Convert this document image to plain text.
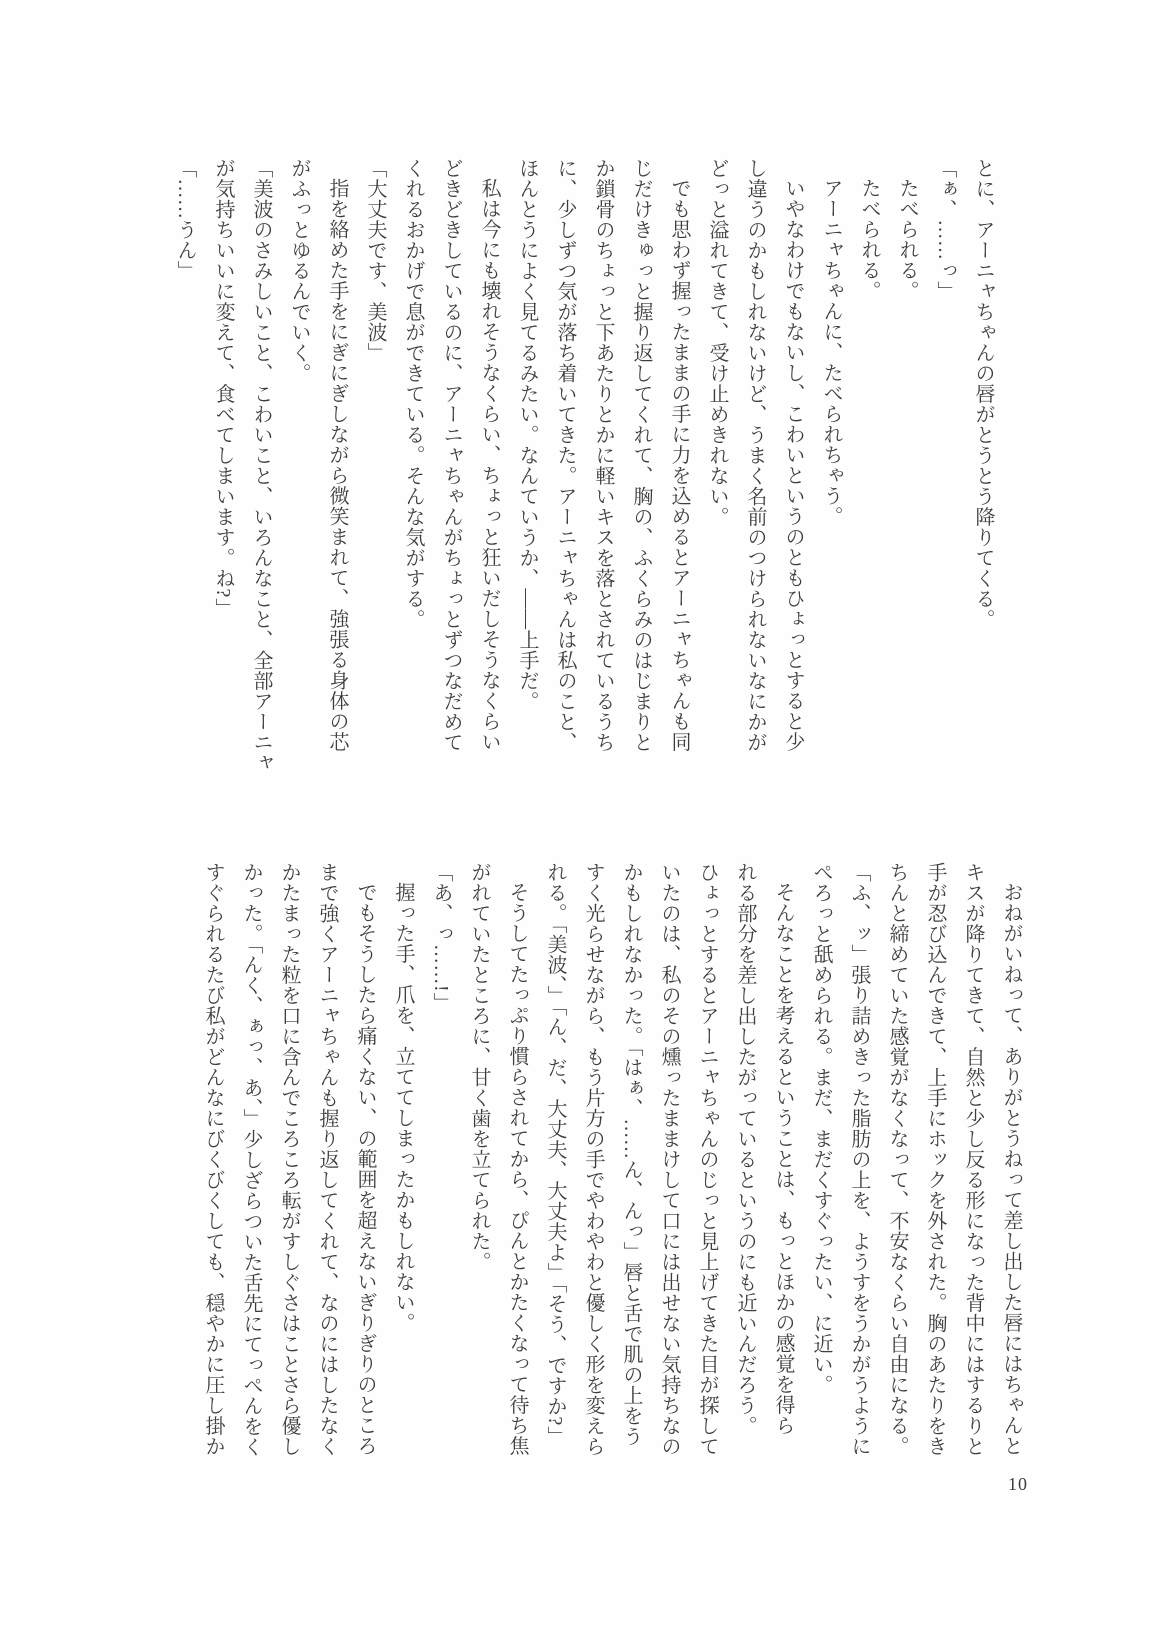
とに、アーニャちゃんの唇がとうとう降りてくる。
「ぁ、……っ」
たべられる。
たべられる。
アーニャちゃんに、たべられちゃう。
いやなわけでもないし、こわいというのともひょっとすると少
し違うのかもしれないけど、うまく名前のつけられないなにかが
どっと溢れてきて、受け止めきれない。
でも思わず握ったままの手に力を込めるとアーニャちゃんも同
じだけきゅっと握り返してくれて、胸の、ふくらみのはじまりと
か鎖骨のちょっと下あたりとかに軽いキスを落とされているうち
に、少しずつ気が落ち着いてきた。アーニャちゃんは私のこと、
ほんとうによく見てるみたい。なんていうか、――上手だ。
私は今にも壊れそうなくらい、ちょっと狂いだしそうなくらい
どきどきしているのに、アーニャちゃんがちょっとずつなだめて
くれるおかげで息ができている。そんな気がする。
「大丈夫です、美波」
指を絡めた手をにぎにぎしながら微笑まれて、強張る身体の芯
がふっとゆるんでいく。
「美波のさみしいこと、こわいこと、いろんなこと、全部アーニャ
が気持ちいいに変えて、食べてしまいます。ね?」
「……うん」
おねがいねって、ありがとうねって差し出した唇にはちゃんと
キスが降りてきて、自然と少し反る形になった背中にはするりと
手が忍び込んできて、上手にホックを外された。胸のあたりをき
ちんと締めていた感覚がなくなって、不安なくらい自由になる。
「ふ、ッ」張り詰めきった脂肪の上を、ようすをうかがうように
ぺろっと舐められる。まだ、まだくすぐったい、に近い。
そんなことを考えるということは、もっとほかの感覚を得ら
れる部分を差し出したがっているというのにも近いんだろう。
ひょっとするとアーニャちゃんのじっと見上げてきた目が探して
いたのは、私のその燻ったままけして口には出せない気持ちなの
かもしれなかった。「はぁ、……ん、んっ」唇と舌で肌の上をう
すく光らせながら、もう片方の手でやわやわと優しく形を変えら
れる。「美波、」「ん、だ、大丈夫、大丈夫よ」「そう、ですか?」
そうしてたっぷり慣らされてから、ぴんとかたくなって待ち焦
がれていたところに、甘く歯を立てられた。
「あ、っ……!」
握った手、爪を、立ててしまったかもしれない。
でもそうしたら痛くない、の範囲を超えないぎりぎりのところ
まで強くアーニャちゃんも握り返してくれて、なのにはしたなく
かたまった粒を口に含んでころころ転がすしぐさはことさら優し
かった。「んく、ぁっ、あ、」少しざらついた舌先にてっぺんをく
すぐられるたび私がどんなにびくびくしても、穏やかに圧し掛か
10
